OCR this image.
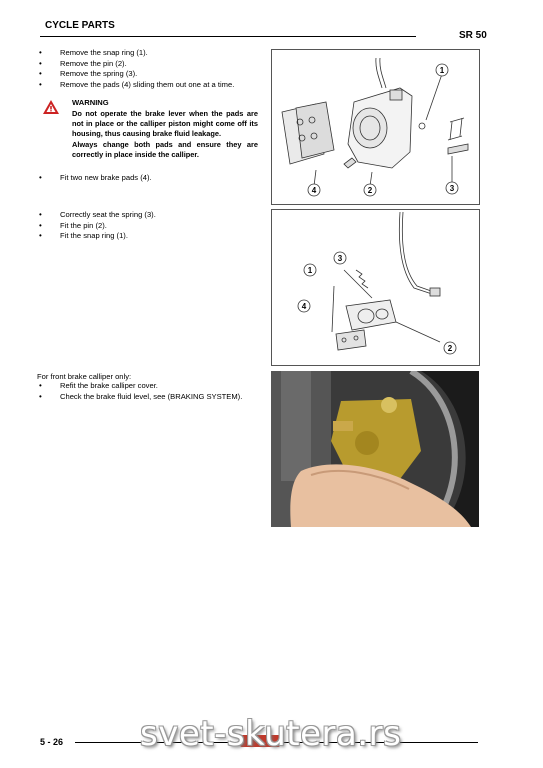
CYCLE PARTS
SR 50
• Remove the snap ring (1).
• Remove the pin (2).
• Remove the spring (3).
• Remove the pads (4) sliding them out one at a time.
WARNING
Do not operate the brake lever when the pads are not in place or the calliper piston might come off its housing, thus causing brake fluid leakage.
Always change both pads and ensure they are correctly in place inside the calliper.
• Fit two new brake pads (4).
• Correctly seat the spring (3).
• Fit the pin (2).
• Fit the snap ring (1).
For front brake calliper only:
• Refit the brake calliper cover.
• Check the brake fluid level, see (BRAKING SYSTEM).
1
2	3
4
1
2
3
4
5 - 26 svet-skutera.rs
